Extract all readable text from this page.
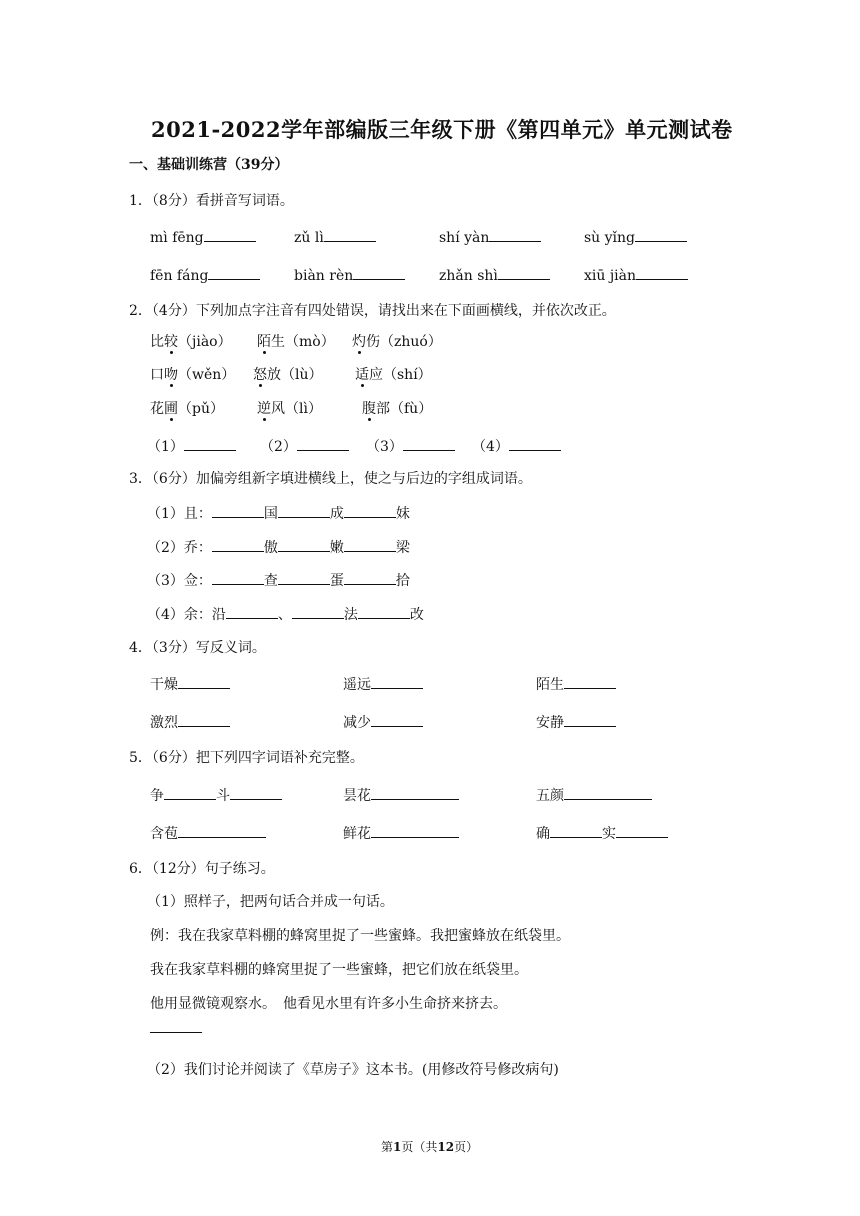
2021-2022学年部编版三年级下册《第四单元》单元测试卷
一、基础训练营（39分）
1．（8分）看拼音写词语。
mì fēng	zǔ lì	shí yàn	sù yǐng
fēn fáng	biàn rèn	zhǎn shì	xiū jiàn
2．（4分）下列加点字注音有四处错误，请找出来在下面画横线，并依次改正。
比较（jiào） 陌生（mò） 灼伤（zhuó）
口吻（wěn） 怒放（lù） 适应（shí）
花圃（pǔ） 逆风（lì）	腹部（fù）
（1）	（2）	（3）	（4）
3．（6分）加偏旁组新字填进横线上，使之与后边的字组成词语。
（1）且：	国	成	妹
（2）乔：	傲	嫩	梁
（3）佥：	查	蛋	拾
（4）余：沿	、	法	改
4．（3分）写反义词。
干燥	遥远	陌生
激烈	减少	安静
5．（6分）把下列四字词语补充完整。
争	斗	昙花	五颜
含苞	鲜花	确	实
6．（12分）句子练习。
（1）照样子，把两句话合并成一句话。
例：我在我家草料棚的蜂窝里捉了一些蜜蜂。我把蜜蜂放在纸袋里。
我在我家草料棚的蜂窝里捉了一些蜜蜂，把它们放在纸袋里。
他用显微镜观察水。　他看见水里有许多小生命挤来挤去。
（2）我们讨论并阅读了《草房子》这本书。(用修改符号修改病句)
第1页（共12页）
